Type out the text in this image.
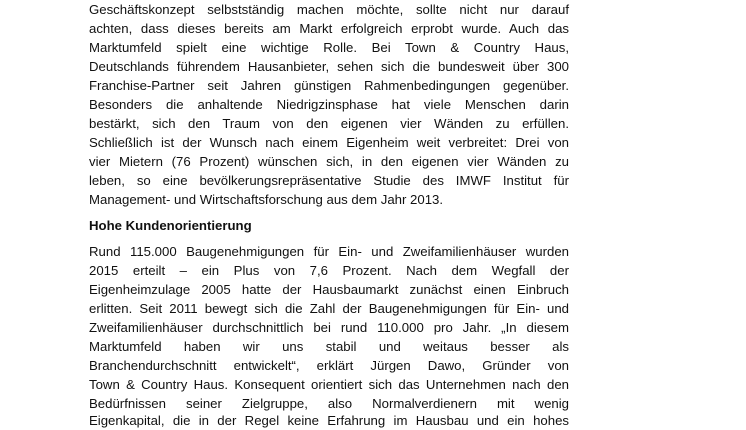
Geschäftskonzept selbstständig machen möchte, sollte nicht nur darauf
achten, dass dieses bereits am Markt erfolgreich erprobt wurde. Auch das
Marktumfeld spielt eine wichtige Rolle. Bei Town & Country Haus,
Deutschlands führendem Hausanbieter, sehen sich die bundesweit über 300
Franchise-Partner seit Jahren günstigen Rahmenbedingungen gegenüber.
Besonders die anhaltende Niedrigzinsphase hat viele Menschen darin
bestärkt, sich den Traum von den eigenen vier Wänden zu erfüllen.
Schließlich ist der Wunsch nach einem Eigenheim weit verbreitet: Drei von
vier Mietern (76 Prozent) wünschen sich, in den eigenen vier Wänden zu
leben, so eine bevölkerungsrepräsentative Studie des IMWF Institut für
Management- und Wirtschaftsforschung aus dem Jahr 2013.
Hohe Kundenorientierung
Rund 115.000 Baugenehmigungen für Ein- und Zweifamilienhäuser wurden
2015 erteilt – ein Plus von 7,6 Prozent. Nach dem Wegfall der
Eigenheimzulage 2005 hatte der Hausbaumarkt zunächst einen Einbruch
erlitten. Seit 2011 bewegt sich die Zahl der Baugenehmigungen für Ein- und
Zweifamilienhäuser durchschnittlich bei rund 110.000 pro Jahr. „In diesem
Marktumfeld haben wir uns stabil und weitaus besser als
Branchendurchschnitt entwickelt“, erklärt Jürgen Dawo, Gründer von
Town & Country Haus. Konsequent orientiert sich das Unternehmen nach den
Bedürfnissen seiner Zielgruppe, also Normalverdienern mit wenig
Eigenkapital, die in der Regel keine Erfahrung im Hausbau und ein hohes
